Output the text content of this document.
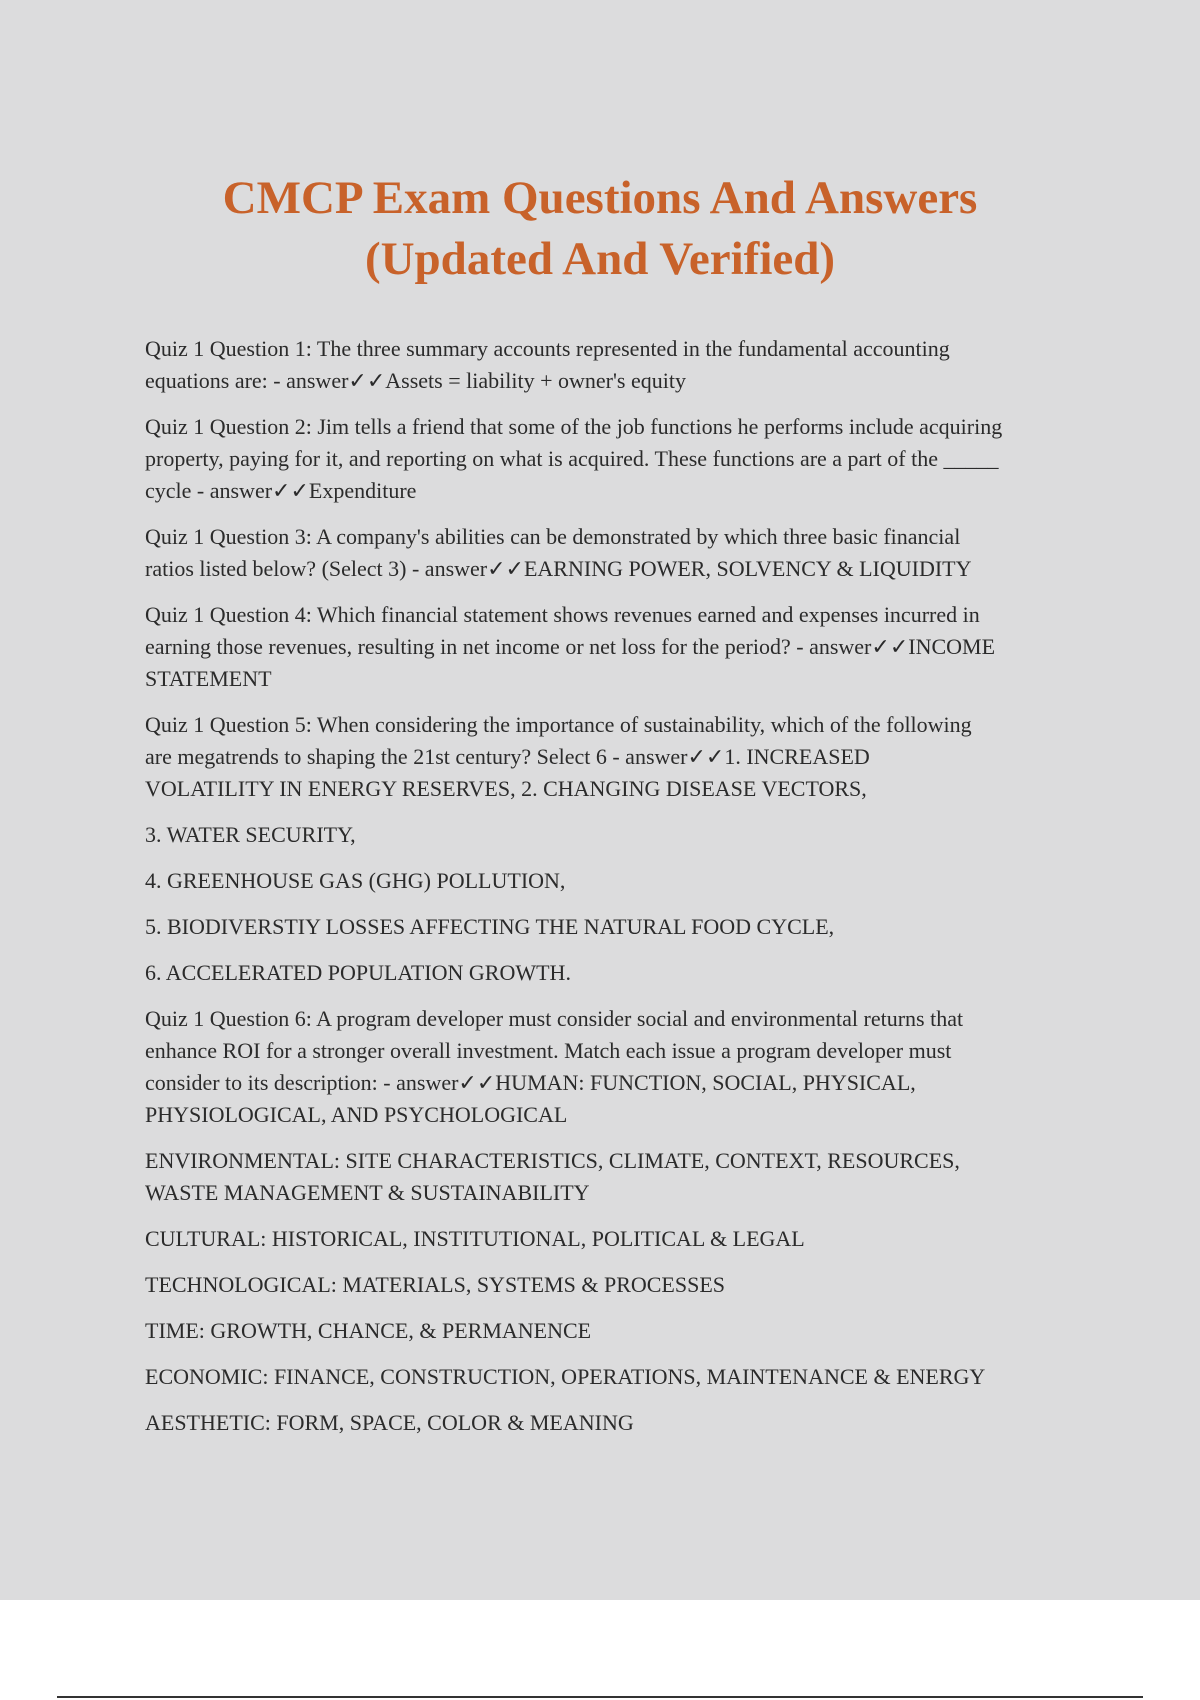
CMCP Exam Questions And Answers
(Updated And Verified)

Quiz 1 Question 1: The three summary accounts represented in the fundamental accounting
equations are: - answer✓✓Assets = liability + owner's equity

Quiz 1 Question 2: Jim tells a friend that some of the job functions he performs include acquiring
property, paying for it, and reporting on what is acquired. These functions are a part of the _____
cycle - answer✓✓Expenditure

Quiz 1 Question 3: A company's abilities can be demonstrated by which three basic financial
ratios listed below? (Select 3) - answer✓✓EARNING POWER, SOLVENCY & LIQUIDITY

Quiz 1 Question 4: Which financial statement shows revenues earned and expenses incurred in
earning those revenues, resulting in net income or net loss for the period? - answer✓✓INCOME
STATEMENT

Quiz 1 Question 5: When considering the importance of sustainability, which of the following
are megatrends to shaping the 21st century? Select 6 - answer✓✓1. INCREASED
VOLATILITY IN ENERGY RESERVES, 2. CHANGING DISEASE VECTORS,

3. WATER SECURITY,

4. GREENHOUSE GAS (GHG) POLLUTION,

5. BIODIVERSTIY LOSSES AFFECTING THE NATURAL FOOD CYCLE,

6. ACCELERATED POPULATION GROWTH.

Quiz 1 Question 6: A program developer must consider social and environmental returns that
enhance ROI for a stronger overall investment. Match each issue a program developer must
consider to its description: - answer✓✓HUMAN: FUNCTION, SOCIAL, PHYSICAL,
PHYSIOLOGICAL, AND PSYCHOLOGICAL

ENVIRONMENTAL: SITE CHARACTERISTICS, CLIMATE, CONTEXT, RESOURCES,
WASTE MANAGEMENT & SUSTAINABILITY

CULTURAL: HISTORICAL, INSTITUTIONAL, POLITICAL & LEGAL

TECHNOLOGICAL: MATERIALS, SYSTEMS & PROCESSES

TIME: GROWTH, CHANCE, & PERMANENCE

ECONOMIC: FINANCE, CONSTRUCTION, OPERATIONS, MAINTENANCE & ENERGY

AESTHETIC: FORM, SPACE, COLOR & MEANING
